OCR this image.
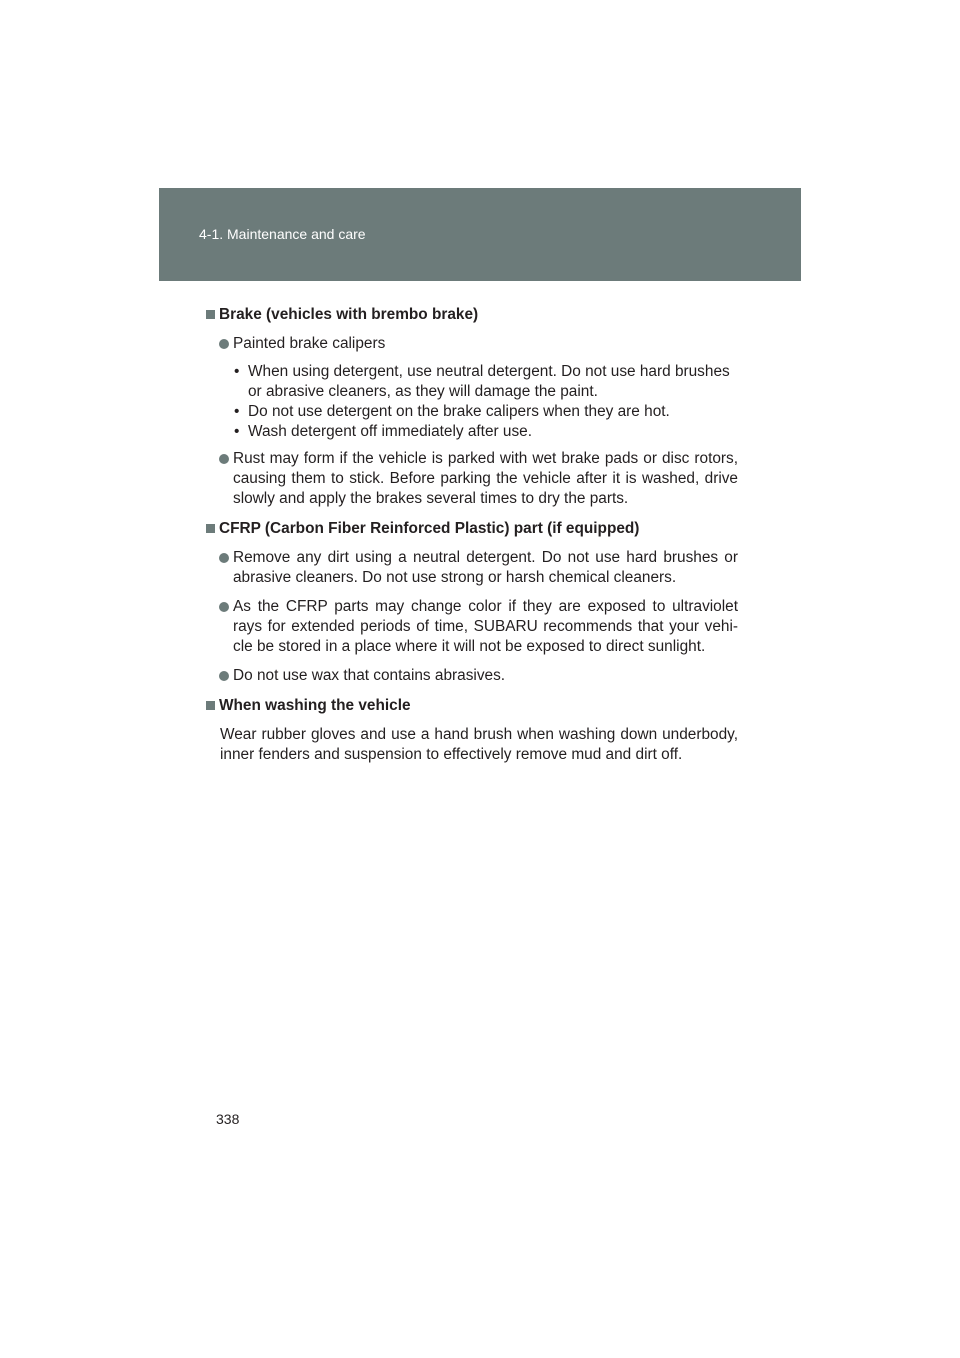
4-1. Maintenance and care
Brake (vehicles with brembo brake)
Painted brake calipers
• When using detergent, use neutral detergent. Do not use hard brushes or abrasive cleaners, as they will damage the paint.
• Do not use detergent on the brake calipers when they are hot.
• Wash detergent off immediately after use.
Rust may form if the vehicle is parked with wet brake pads or disc rotors, causing them to stick. Before parking the vehicle after it is washed, drive slowly and apply the brakes several times to dry the parts.
CFRP (Carbon Fiber Reinforced Plastic) part (if equipped)
Remove any dirt using a neutral detergent. Do not use hard brushes or abrasive cleaners. Do not use strong or harsh chemical cleaners.
As the CFRP parts may change color if they are exposed to ultraviolet rays for extended periods of time, SUBARU recommends that your vehi-cle be stored in a place where it will not be exposed to direct sunlight.
Do not use wax that contains abrasives.
When washing the vehicle
Wear rubber gloves and use a hand brush when washing down underbody, inner fenders and suspension to effectively remove mud and dirt off.
338
